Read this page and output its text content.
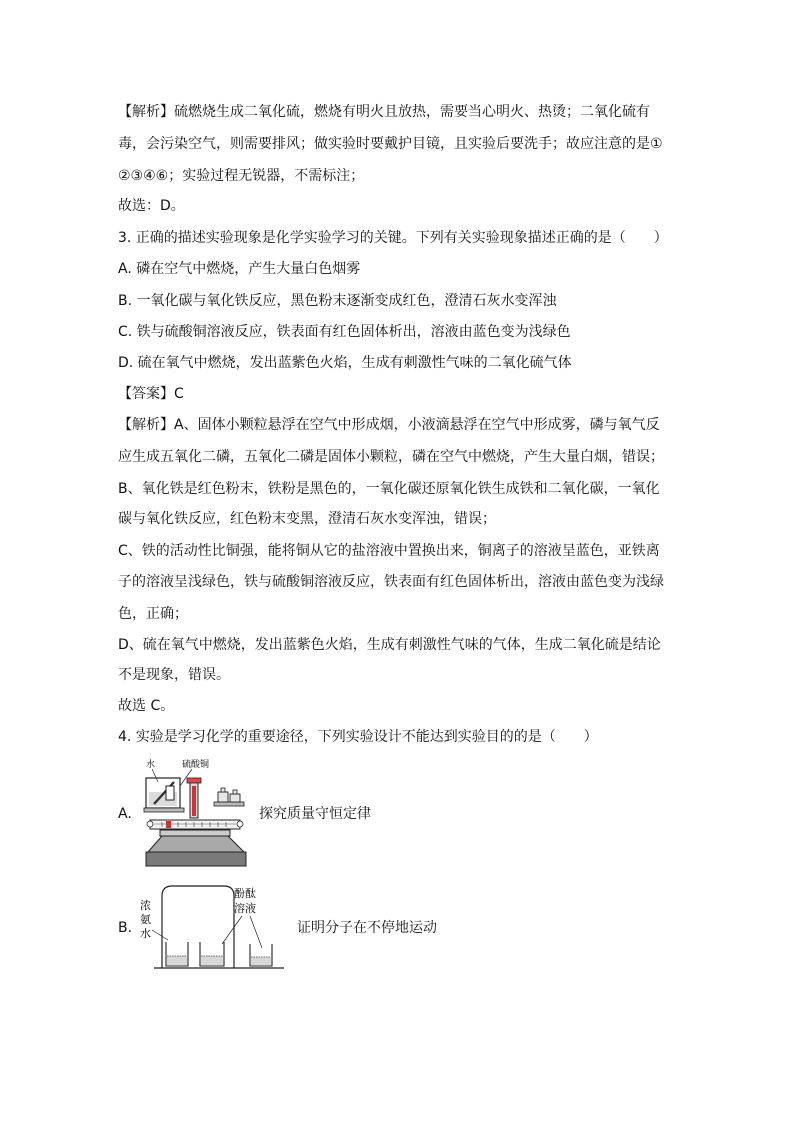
【解析】硫燃烧生成二氧化硫，燃烧有明火且放热，需要当心明火、热烫；二氧化硫有
毒，会污染空气，则需要排风；做实验时要戴护目镜，且实验后要洗手；故应注意的是①
②③④⑥；实验过程无锐器，不需标注；
故选：D。
3. 正确的描述实验现象是化学实验学习的关键。下列有关实验现象描述正确的是（　　）
A. 磷在空气中燃烧，产生大量白色烟雾
B. 一氧化碳与氧化铁反应，黑色粉末逐渐变成红色，澄清石灰水变浑浊
C. 铁与硫酸铜溶液反应，铁表面有红色固体析出，溶液由蓝色变为浅绿色
D. 硫在氧气中燃烧，发出蓝紫色火焰，生成有刺激性气味的二氧化硫气体
【答案】C
【解析】A、固体小颗粒悬浮在空气中形成烟，小液滴悬浮在空气中形成雾，磷与氧气反
应生成五氧化二磷，五氧化二磷是固体小颗粒，磷在空气中燃烧，产生大量白烟，错误；
B、氧化铁是红色粉末，铁粉是黑色的，一氧化碳还原氧化铁生成铁和二氧化碳，一氧化
碳与氧化铁反应，红色粉末变黑，澄清石灰水变浑浊，错误；
C、铁的活动性比铜强，能将铜从它的盐溶液中置换出来，铜离子的溶液呈蓝色，亚铁离
子的溶液呈浅绿色，铁与硫酸铜溶液反应，铁表面有红色固体析出，溶液由蓝色变为浅绿
色，正确；
D、硫在氧气中燃烧，发出蓝紫色火焰，生成有刺激性气味的气体，生成二氧化硫是结论
不是现象，错误。
故选 C。
4. 实验是学习化学的重要途径，下列实验设计不能达到实验目的的是（　　）
A.
水	硫酸铜
探究质量守恒定律
B.
浓
氨
水
酚酞
溶液
证明分子在不停地运动
